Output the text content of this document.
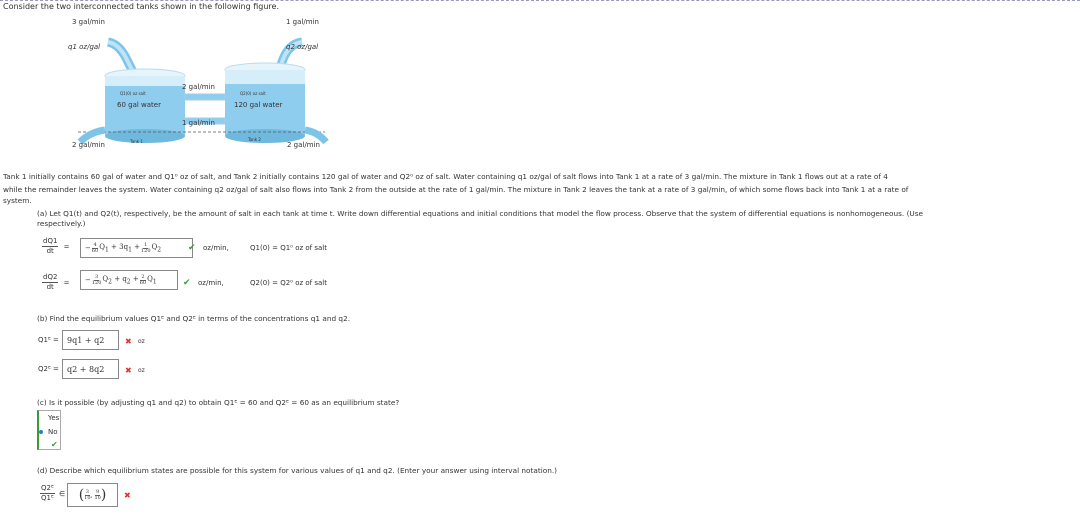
Consider the two interconnected tanks shown in the following figure.
3 gal/min
q1 oz/gal
1 gal/min
q2 oz/gal
2 gal/min
1 gal/min
Q1(0) oz salt	Q2(0) oz salt
60 gal water	120 gal water
Tank 1	Tank 2
2 gal/min	2 gal/min
Tank 1 initially contains 60 gal of water and Q1⁰ oz of salt, and Tank 2 initially contains 120 gal of water and Q2⁰ oz of salt. Water containing q1 oz/gal of salt flows into Tank 1 at a rate of 3 gal/min. The mixture in Tank 1 flows out at a rate of 4
while the remainder leaves the system. Water containing q2 oz/gal of salt also flows into Tank 2 from the outside at the rate of 1 gal/min. The mixture in Tank 2 leaves the tank at a rate of 3 gal/min, of which some flows back into Tank 1 at a rate of
system.
(a) Let Q1(t) and Q2(t), respectively, be the amount of salt in each tank at time t. Write down differential equations and initial conditions that model the flow process. Observe that the system of differential equations is nonhomogeneous. (Use
respectively.)
$\frac{dQ1}{dt}$ = − $\frac{4}{60} Q_1 + 3q_1 + \frac{1}{120} Q_2$	✔ oz/min,	Q1(0) = Q1⁰ oz of salt
$\frac{dQ2}{dt}$ = − $\frac{3}{120} Q_2 + q_2 + \frac{2}{60} Q_1$	✔ oz/min,	Q2(0) = Q2⁰ oz of salt
(b) Find the equilibrium values Q1ᴱ and Q2ᴱ in terms of the concentrations q1 and q2.
Q1ᴱ =	9q1 + q2	✖ oz
Q2ᴱ =	q2 + 8q2	✖ oz
(c) Is it possible (by adjusting q1 and q2) to obtain Q1ᴱ = 60 and Q2ᴱ = 60 as an equilibrium state?
Yes
No
✔
(d) Describe which equilibrium states are possible for this system for various values of q1 and q2. (Enter your answer using interval notation.)
$\frac{\text{Q2ᴱ}}{\text{Q1ᴱ}}$ ∈ ( 3
10 , 9
10 ) ✖
